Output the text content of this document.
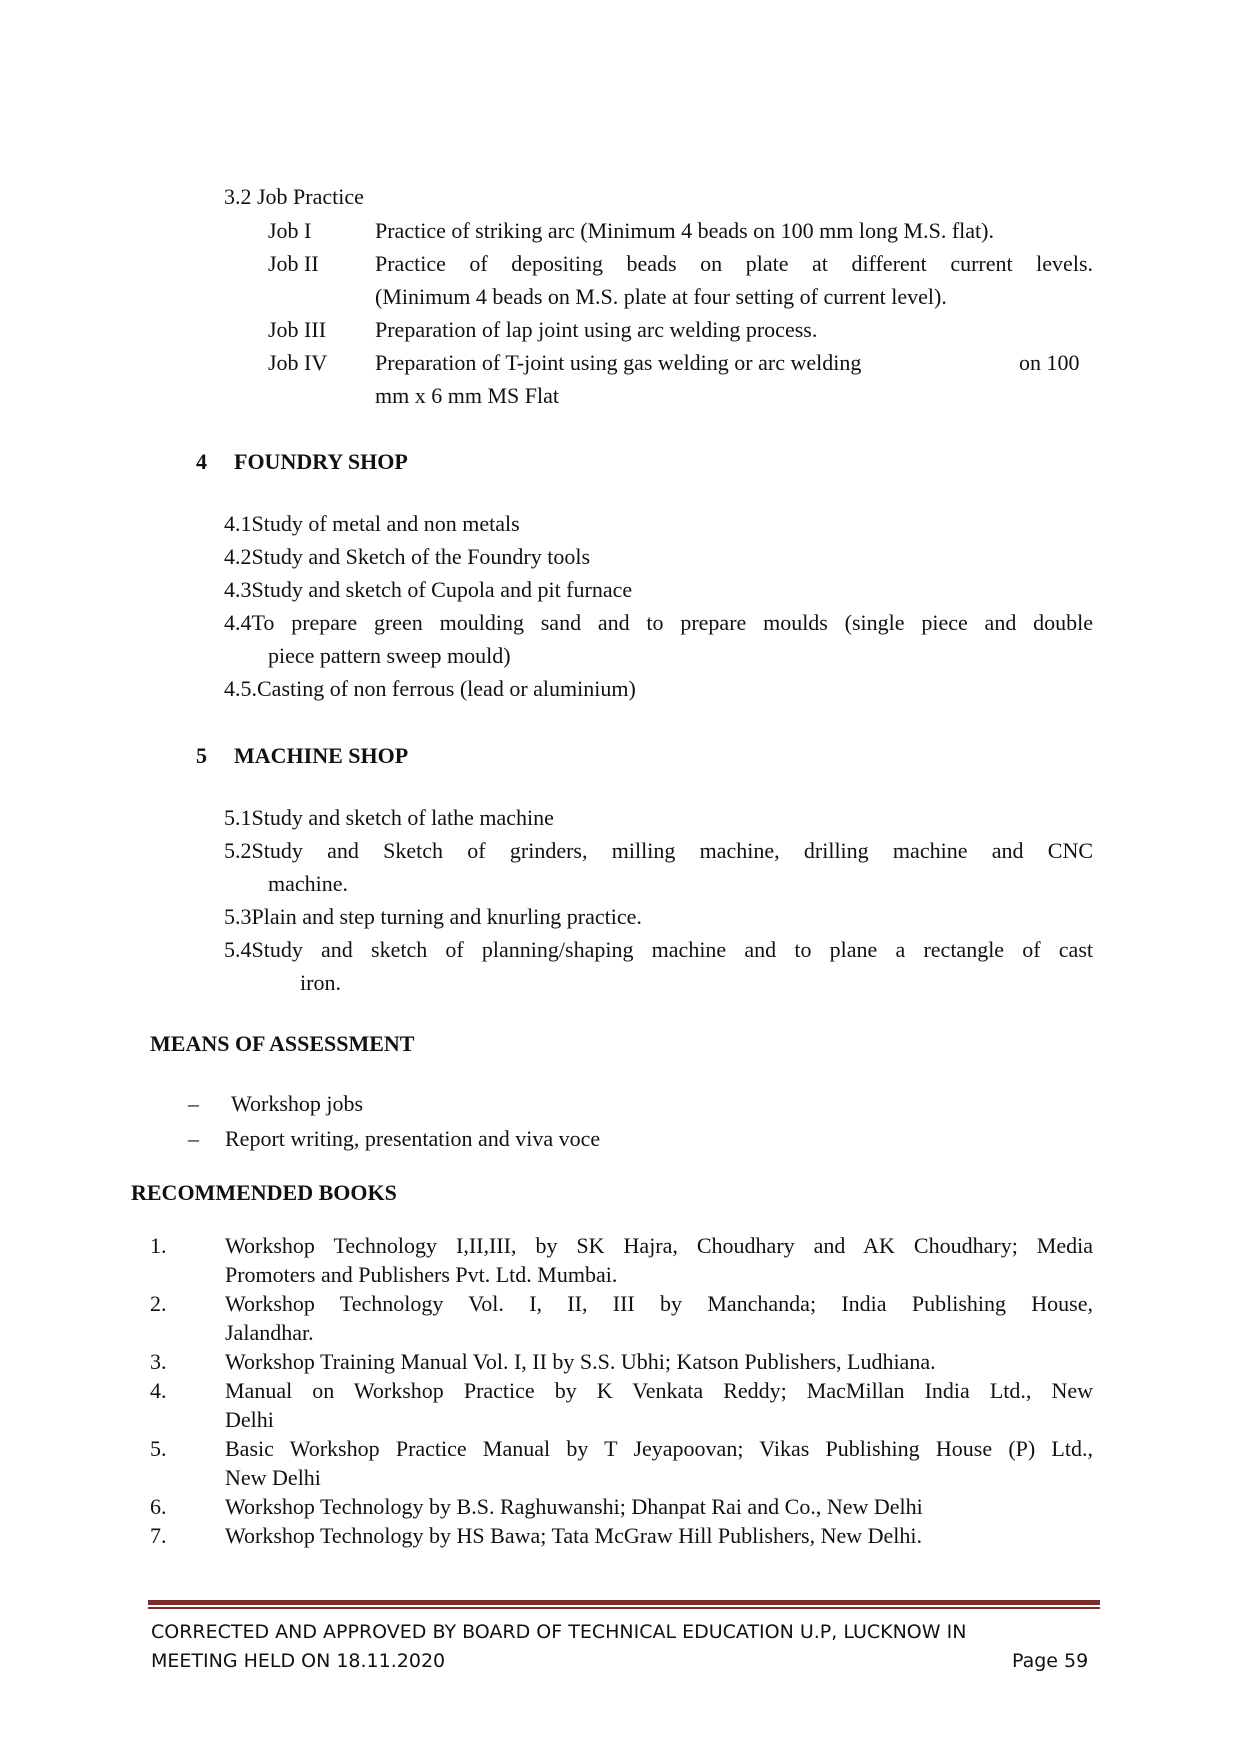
3.2 Job Practice
Job I	Practice of striking arc (Minimum 4 beads on 100 mm long M.S. flat).
Job II	Practice of depositing beads on plate at different current levels.
(Minimum 4 beads on M.S. plate at four setting of current level).
Job III Preparation of lap joint using arc welding process.
Job IV Preparation of T-joint using gas welding or arc welding	on 100
mm x 6 mm MS Flat
4 FOUNDRY SHOP
4.1Study of metal and non metals
4.2Study and Sketch of the Foundry tools
4.3Study and sketch of Cupola and pit furnace
4.4To prepare green moulding sand and to prepare moulds (single piece and double
piece pattern sweep mould)
4.5.Casting of non ferrous (lead or aluminium)
5 MACHINE SHOP
5.1Study and sketch of lathe machine
5.2Study and Sketch of grinders, milling machine, drilling machine and CNC
machine.
5.3Plain and step turning and knurling practice.
5.4Study and sketch of planning/shaping machine and to plane a rectangle of cast
iron.
MEANS OF ASSESSMENT
– Workshop jobs
– Report writing, presentation and viva voce
RECOMMENDED BOOKS
1.	Workshop Technology I,II,III, by SK Hajra, Choudhary and AK Choudhary; Media
Promoters and Publishers Pvt. Ltd. Mumbai.
2.	Workshop Technology Vol. I, II, III by Manchanda; India Publishing House,
Jalandhar.
3.	Workshop Training Manual Vol. I, II by S.S. Ubhi; Katson Publishers, Ludhiana.
4.	Manual on Workshop Practice by K Venkata Reddy; MacMillan India Ltd., New
Delhi
5.	Basic Workshop Practice Manual by T Jeyapoovan; Vikas Publishing House (P) Ltd.,
New Delhi
6.	Workshop Technology by B.S. Raghuwanshi; Dhanpat Rai and Co., New Delhi
7.	Workshop Technology by HS Bawa; Tata McGraw Hill Publishers, New Delhi.
CORRECTED AND APPROVED BY BOARD OF TECHNICAL EDUCATION U.P, LUCKNOW IN
MEETING HELD ON 18.11.2020	Page 59
